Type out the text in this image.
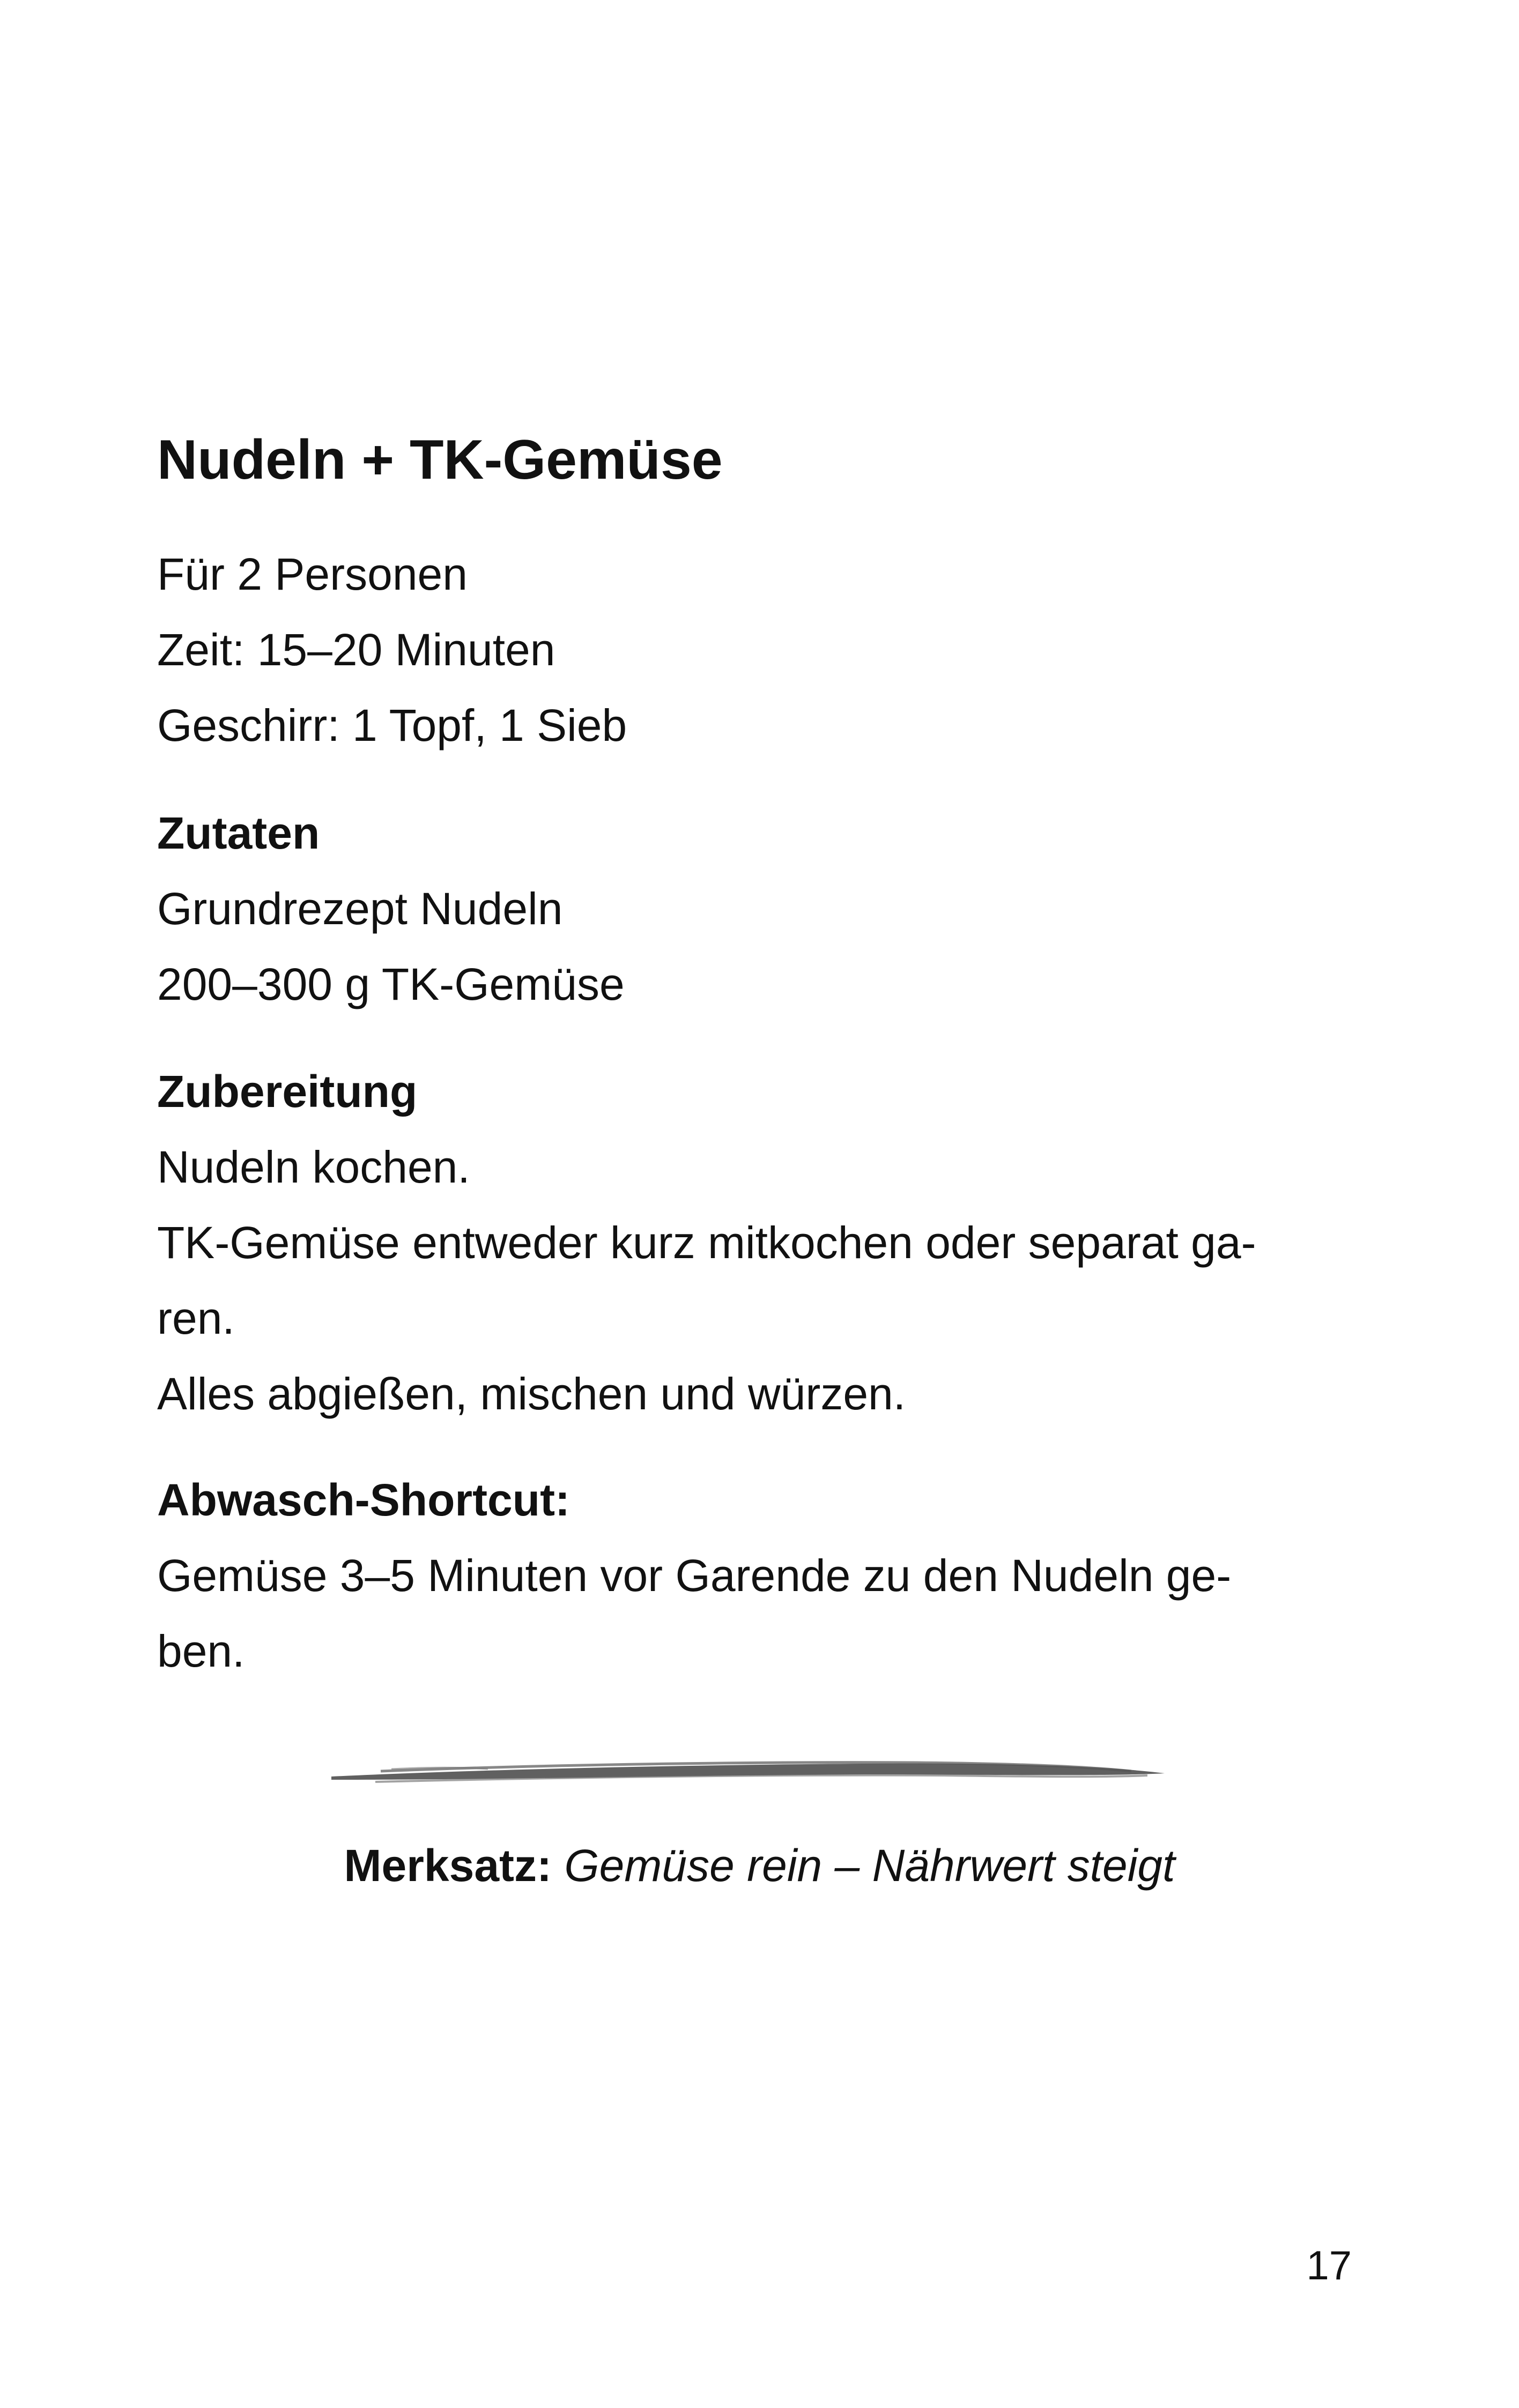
Nudeln + TK-Gemüse
Für 2 Personen
Zeit: 15–20 Minuten
Geschirr: 1 Topf, 1 Sieb
Zutaten
Grundrezept Nudeln
200–300 g TK-Gemüse
Zubereitung
Nudeln kochen.
TK-Gemüse entweder kurz mitkochen oder separat ga-
ren.
Alles abgießen, mischen und würzen.
Abwasch-Shortcut:
Gemüse 3–5 Minuten vor Garende zu den Nudeln ge-
ben.

Merksatz: Gemüse rein – Nährwert steigt

17
